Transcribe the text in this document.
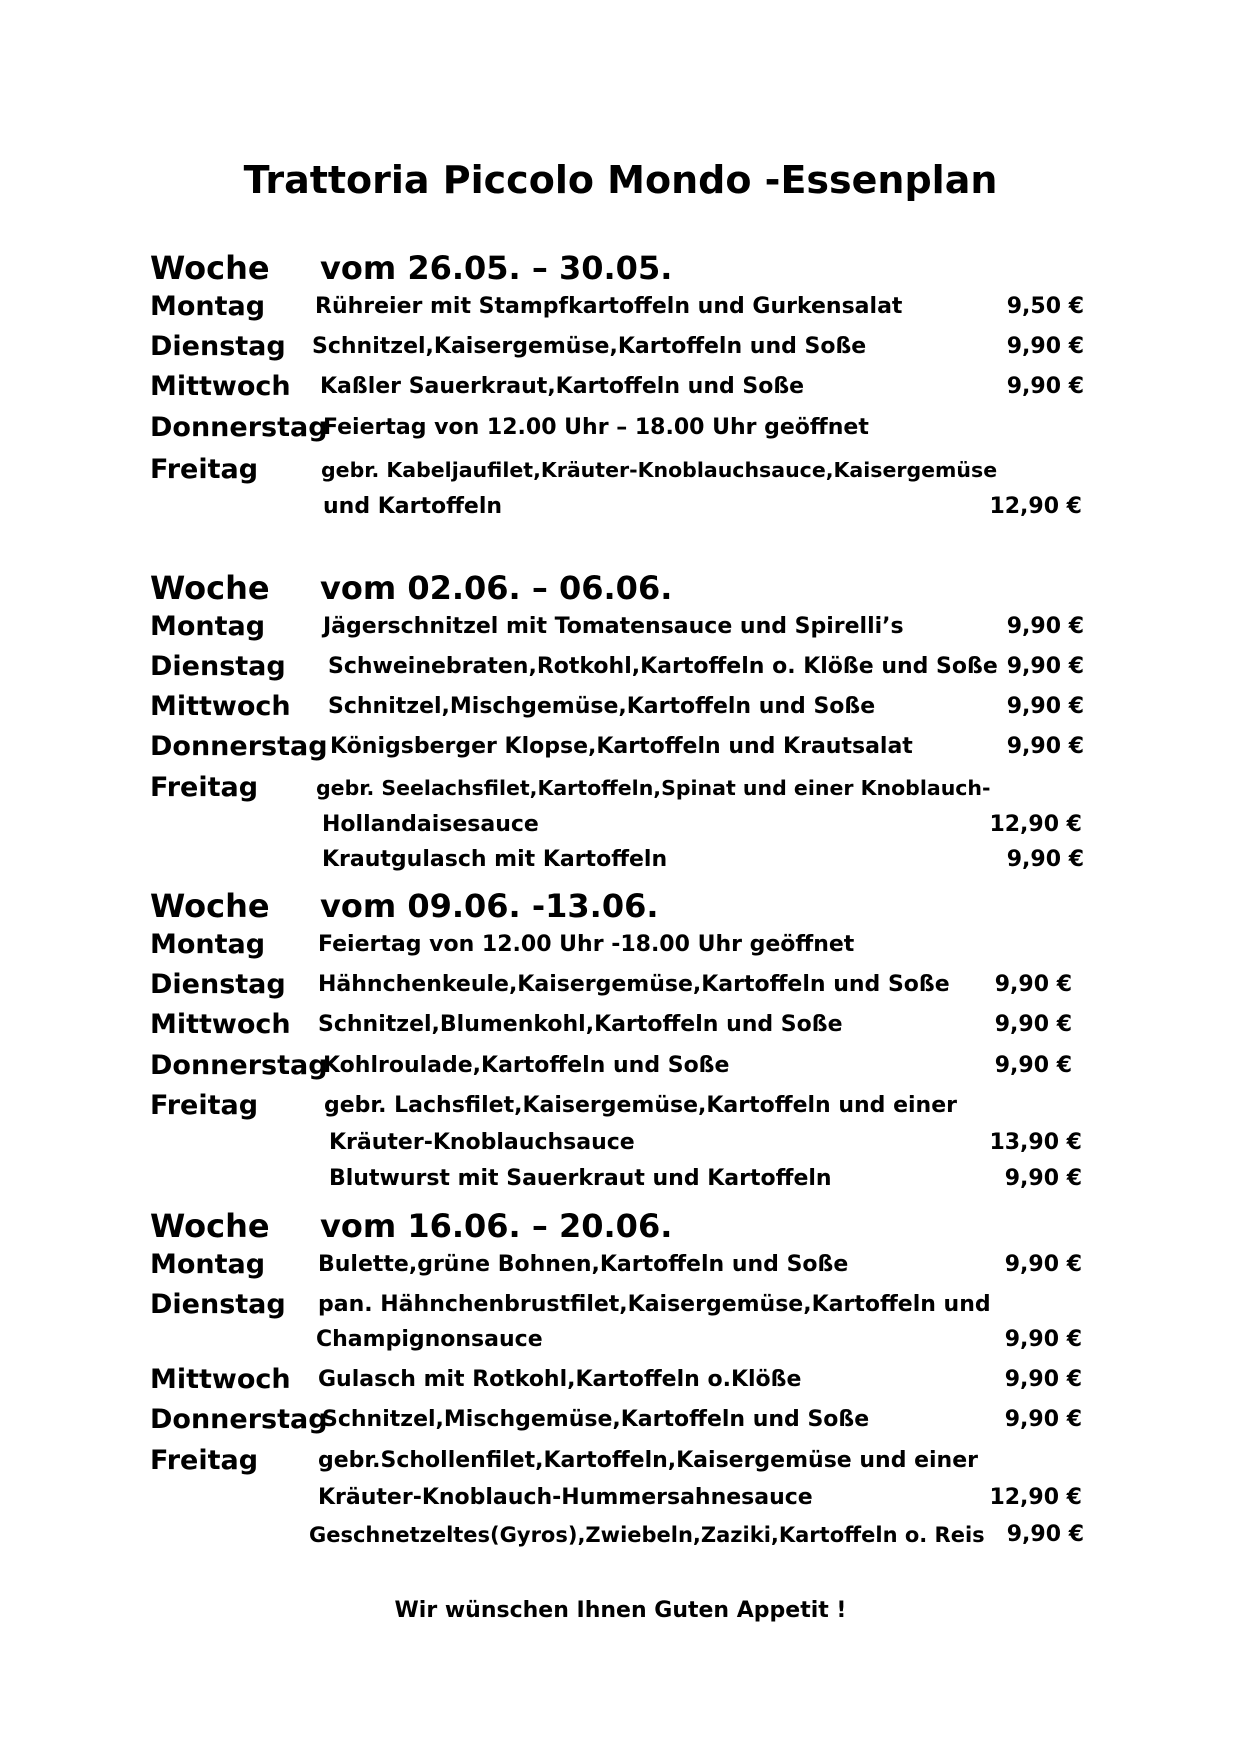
Trattoria Piccolo Mondo -Essenplan
Woche vom 26.05. – 30.05.
Montag Rühreier mit Stampfkartoffeln und Gurkensalat	9,50 €
Dienstag Schnitzel,Kaisergemüse,Kartoffeln und Soße	9,90 €
Mittwoch Kaßler Sauerkraut,Kartoffeln und Soße	9,90 €
Donnerstag
Feiertag von 12.00 Uhr – 18.00 Uhr geöffnet
Freitag	gebr. Kabeljaufilet,Kräuter-Knoblauchsauce,Kaisergemüse
und Kartoffeln	12,90 €
Woche vom 02.06. – 06.06.
Montag	Jägerschnitzel mit Tomatensauce und Spirelli’s	9,90 €
Dienstag Schweinebraten,Rotkohl,Kartoffeln o. Klöße und Soße 9,90 €
Mittwoch Schnitzel,Mischgemüse,Kartoffeln und Soße	9,90 €
Donnerstag Königsberger Klopse,Kartoffeln und Krautsalat	9,90 €
Freitag	gebr. Seelachsfilet,Kartoffeln,Spinat und einer Knoblauch-
Hollandaisesauce	12,90 €
Krautgulasch mit Kartoffeln	9,90 €
Woche vom 09.06. -13.06.
Montag Feiertag von 12.00 Uhr -18.00 Uhr geöffnet
Dienstag Hähnchenkeule,Kaisergemüse,Kartoffeln und Soße	9,90 €
Mittwoch Schnitzel,Blumenkohl,Kartoffeln und Soße	9,90 €
Donnerstag
Kohlroulade,Kartoffeln und Soße	9,90 €
Freitag	gebr. Lachsfilet,Kaisergemüse,Kartoffeln und einer
Kräuter-Knoblauchsauce	13,90 €
Blutwurst mit Sauerkraut und Kartoffeln	9,90 €
Woche vom 16.06. – 20.06.
Montag Bulette,grüne Bohnen,Kartoffeln und Soße	9,90 €
Dienstag pan. Hähnchenbrustfilet,Kaisergemüse,Kartoffeln und
Champignonsauce	9,90 €
Mittwoch Gulasch mit Rotkohl,Kartoffeln o.Klöße	9,90 €
Donnerstag
Schnitzel,Mischgemüse,Kartoffeln und Soße	9,90 €
Freitag	gebr.Schollenfilet,Kartoffeln,Kaisergemüse und einer
Kräuter-Knoblauch-Hummersahnesauce	12,90 €
Geschnetzeltes(Gyros),Zwiebeln,Zaziki,Kartoffeln o. Reis	9,90 €
Wir wünschen Ihnen Guten Appetit !
